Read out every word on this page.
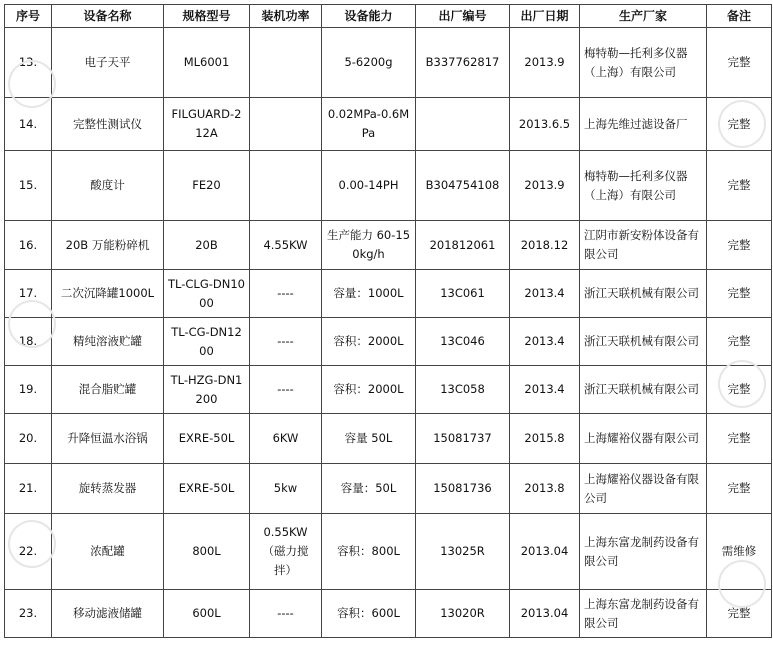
序号	设备名称	规格型号	装机功率	设备能力	出厂编号	出厂日期	生产厂家	备注
13.	电子天平	ML6001		5-6200g	B337762817	2013.9	梅特勒—托利多仪器（上海）有限公司	完整
14.	完整性测试仪	FILGUARD-212A		0.02MPa-0.6MPa		2013.6.5	上海先维过滤设备厂	完整
15.	酸度计	FE20		0.00-14PH	B304754108	2013.9	梅特勒—托利多仪器（上海）有限公司	完整
16.	20B 万能粉碎机	20B	4.55KW	生产能力 60-150kg/h	201812061	2018.12	江阴市新安粉体设备有限公司	完整
17.	二次沉降罐1000L	TL-CLG-DN1000	----	容量：1000L	13C061	2013.4	浙江天联机械有限公司	完整
18.	精纯溶液贮罐	TL-CG-DN1200	----	容积：2000L	13C046	2013.4	浙江天联机械有限公司	完整
19.	混合脂贮罐	TL-HZG-DN1200	----	容积：2000L	13C058	2013.4	浙江天联机械有限公司	完整
20.	升降恒温水浴锅	EXRE-50L	6KW	容量 50L	15081737	2015.8	上海耀裕仪器有限公司	完整
21.	旋转蒸发器	EXRE-50L	5kw	容量：50L	15081736	2013.8	上海耀裕仪器设备有限公司	完整
22.	浓配罐	800L	0.55KW（磁力搅拌）	容积：800L	13025R	2013.04	上海东富龙制药设备有限公司	需维修
23.	移动滤液储罐	600L	----	容积：600L	13020R	2013.04	上海东富龙制药设备有限公司	完整
